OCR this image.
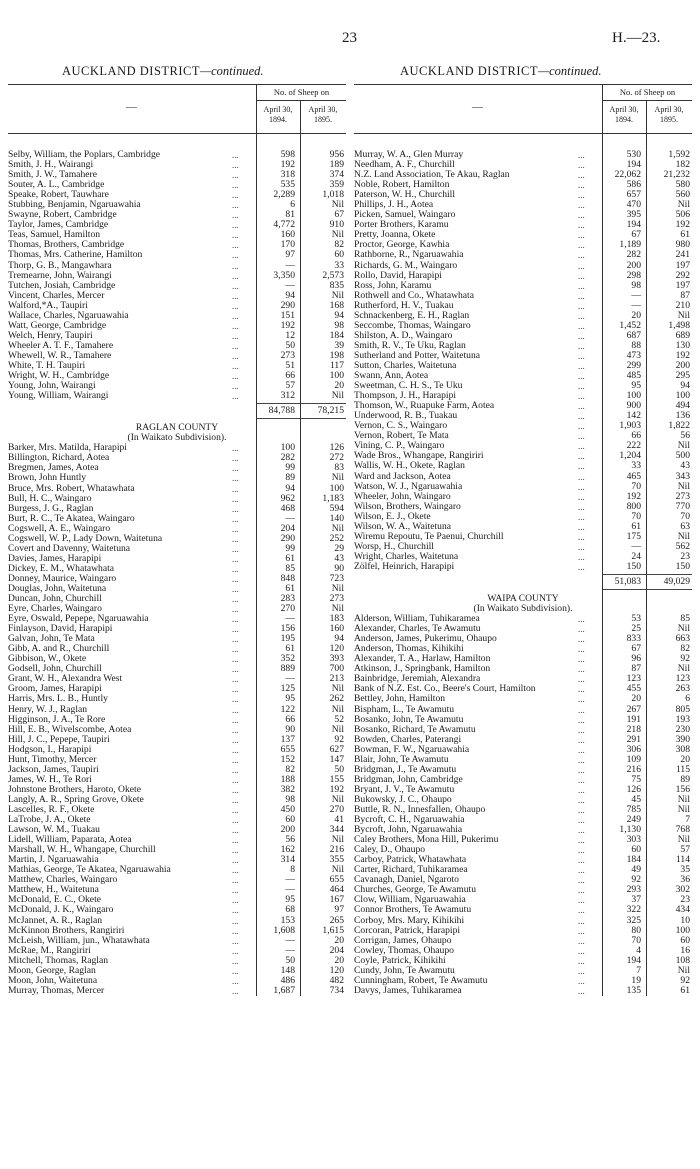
23	H.—23.
AUCKLAND DISTRICT—continued.	AUCKLAND DISTRICT—continued.
—
No. of Sheep on
April 30, 1894.
April 30, 1895.
Selby, William, the Poplars, Cambridge	...	598	956
Smith, J. H., Wairangi	...	192	189
Smith, J. W., Tamahere	...	318	374
Souter, A. L., Cambridge	...	535	359
Speake, Robert, Tauwhare	...	2,289	1,018
Stubbing, Benjamin, Ngaruawahia	...	6	Nil
Swayne, Robert, Cambridge	...	81	67
Taylor, James, Cambridge	...	4,772	910
Teas, Samuel, Hamilton	...	160	Nil
Thomas, Brothers, Cambridge	...	170	82
Thomas, Mrs. Catherine, Hamilton	...	97	60
Thorp, G. B., Mangawhara	...	—	33
Tremearne, John, Wairangi	...	3,350	2,573
Tutchen, Josiah, Cambridge	...	—	835
Vincent, Charles, Mercer	...	94	Nil
Walford,*A., Taupiri	...	290	168
Wallace, Charles, Ngaruawahia	...	151	94
Watt, George, Cambridge	...	192	98
Welch, Henry, Taupiri	...	12	184
Wheeler A. T. F., Tamahere	...	50	39
Whewell, W. R., Tamahere	...	273	198
White, T. H. Taupiri	...	51	117
Wright, W. H., Cambridge	...	66	100
Young, John, Wairangi	...	57	20
Young, William, Wairangi	...	312	Nil
84,788 78,215
RAGLAN COUNTY
(In Waikato Subdivision).
Barker, Mrs. Matilda, Harapipi	...	100	126
Billington, Richard, Aotea	...	282	272
Bregmen, James, Aotea	...	99	83
Brown, John Huntly	...	89	Nil
Bruce, Mrs. Robert, Whatawhata	...	94	100
Bull, H. C., Waingaro	...	962	1,183
Burgess, J. G., Raglan	...	468	594
Burt, R. C., Te Akatea, Waingaro	...	—	140
Cogswell, A. E., Waingaro	...	204	Nil
Cogswell, W. P., Lady Down, Waitetuna	...	290	252
Covert and Davenny, Waitetuna	...	99	29
Davies, James, Harapipi	...	61	43
Dickey, E. M., Whatawhata	...	85	90
Donney, Maurice, Waingaro	...	848	723
Douglas, John, Waitetuna	...	61	Nil
Duncan, John, Churchill	...	283	273
Eyre, Charles, Waingaro	...	270	Nil
Eyre, Oswald, Pepepe, Ngaruawahia	...	—	183
Finlayson, David, Harapipi	...	156	160
Galvan, John, Te Mata	...	195	94
Gibb, A. and R., Churchill	...	61	120
Gibbison, W., Okete	...	352	393
Godsell, John, Churchill	...	889	700
Grant, W. H., Alexandra West	...	—	213
Groom, James, Harapipi	...	125	Nil
Harris, Mrs. L. B., Huntly	...	95	262
Henry, W. J., Raglan	...	122	Nil
Higginson, J. A., Te Rore	...	66	52
Hill, E. B., Wivelscombe, Aotea	...	90	Nil
Hill, J. C., Pepepe, Taupiri	...	137	92
Hodgson, I., Harapipi	...	655	627
Hunt, Timothy, Mercer	...	152	147
Jackson, James, Taupiri	...	82	50
James, W. H., Te Rori	...	188	155
Johnstone Brothers, Haroto, Okete	...	382	192
Langly, A. R., Spring Grove, Okete	...	98	Nil
Lascelles, R. F., Okete	...	450	270
LaTrobe, J. A., Okete	...	60	41
Lawson, W. M., Tuakau	...	200	344
Lidell, William, Paparata, Aotea	...	56	Nil
Marshall, W. H., Whangape, Churchill	...	162	216
Martin, J. Ngaruawahia	...	314	355
Mathias, George, Te Akatea, Ngaruawahia	...	8	Nil
Matthew, Charles, Waingaro	...	—	655
Matthew, H., Waitetuna	...	—	464
McDonald, E. C., Okete	...	95	167
McDonald, J. K., Waingaro	...	68	97
McJannet, A. R., Raglan	...	153	265
McKinnon Brothers, Rangiriri	...	1,608	1,615
McLeish, William, jun., Whatawhata	...	—	20
McRae, M., Rangiriri	...	—	204
Mitchell, Thomas, Raglan	...	50	20
Moon, George, Raglan	...	148	120
Moon, John, Waitetuna	...	486	482
Murray, Thomas, Mercer	...	1,687	734
—
No. of Sheep on
April 30, 1894.
April 30, 1895.
Murray, W. A., Glen Murray	...	530	1,592
Needham, A. F., Churchill	...	194	182
N.Z. Land Association, Te Akau, Raglan	...	22,062 21,232
Noble, Robert, Hamilton	...	586	580
Paterson, W. H., Churchill	...	657	560
Phillips, J. H., Aotea	...	470	Nil
Picken, Samuel, Waingaro	...	395	506
Porter Brothers, Karamu	...	194	192
Pretty, Joanna, Okete	...	67	61
Proctor, George, Kawhia	...	1,189	980
Rathborne, R., Ngaruawahia	...	282	241
Richards, G. M., Waingaro	...	200	197
Rollo, David, Harapipi	...	298	292
Ross, John, Karamu	...	98	197
Rothwell and Co., Whatawhata	...	—	87
Rutherford, H. V., Tuakau	...	—	210
Schnackenberg, E. H., Raglan	...	20	Nil
Seccombe, Thomas, Waingaro	...	1,452	1,498
Shilston, A. D., Waingaro	...	687	689
Smith, R. V., Te Uku, Raglan	...	88	130
Sutherland and Potter, Waitetuna	...	473	192
Sutton, Charles, Waitetuna	...	299	200
Swann, Ann, Aotea	...	485	295
Sweetman, C. H. S., Te Uku	...	95	94
Thompson, J. H., Harapipi	...	100	100
Thomson, W., Ruapuke Farm, Aotea	...	900	494
Underwood, R. B., Tuakau	...	142	136
Vernon, C. S., Waingaro	...	1,903	1,822
Vernon, Robert, Te Mata	...	66	56
Vining, C. P., Waingaro	...	222	Nil
Wade Bros., Whangape, Rangiriri	...	1,204	500
Wallis, W. H., Okete, Raglan	...	33	43
Ward and Jackson, Aotea	...	465	343
Watson, W. J., Ngaruawahia	...	70	Nil
Wheeler, John, Waingaro	...	192	273
Wilson, Brothers, Waingaro	...	800	770
Wilson, E. J., Okete	...	70	70
Wilson, W. A., Waitetuna	...	61	63
Wiremu Repoutu, Te Paenui, Churchill	...	175	Nil
Worsp, H., Churchill	...	—	562
Wright, Charles, Waitetuna	...	24	23
Zölfel, Heinrich, Harapipi	...	150	150
51,083 49,029
WAIPA COUNTY
(In Waikato Subdivision).
Alderson, William, Tuhikaramea	...	53	85
Alexander, Charles, Te Awamutu	...	25	Nil
Anderson, James, Pukerimu, Ohaupo	...	833	663
Anderson, Thomas, Kihikihi	...	67	82
Alexander, T. A., Harlaw, Hamilton	...	96	92
Atkinson, J., Springbank, Hamilton	...	87	Nil
Bainbridge, Jeremiah, Alexandra	...	123	123
Bank of N.Z. Est. Co., Beere's Court, Hamilton	...	455	263
Bettley, John, Hamilton	...	20	6
Bispham, L., Te Awamutu	...	267	805
Bosanko, John, Te Awamutu	...	191	193
Bosanko, Richard, Te Awamutu	...	218	230
Bowden, Charles, Paterangi	...	291	390
Bowman, F. W., Ngaruawahia	...	306	308
Blair, John, Te Awamutu	...	109	20
Bridgman, J., Te Awamutu	...	216	115
Bridgman, John, Cambridge	...	75	89
Bryant, J. V., Te Awamutu	...	126	156
Bukowsky, J. C., Ohaupo	...	45	Nil
Buttle, R. N., Innesfallen, Ohaupo	...	785	Nil
Bycroft, C. H., Ngaruawahia	...	249	7
Bycroft, John, Ngaruawahia	...	1,130	768
Caley Brothers, Mona Hill, Pukerimu	...	303	Nil
Caley, D., Ohaupo	...	60	57
Carboy, Patrick, Whatawhata	...	184	114
Carter, Richard, Tuhikaramea	...	49	35
Cavanagh, Daniel, Ngaroto	...	92	36
Churches, George, Te Awamutu	...	293	302
Clow, William, Ngaruawahia	...	37	23
Connor Brothers, Te Awamutu	...	322	434
Corboy, Mrs. Mary, Kihikihi	...	325	10
Corcoran, Patrick, Harapipi	...	80	100
Corrigan, James, Ohaupo	...	70	60
Cowley, Thomas, Ohaupo	...	4	16
Coyle, Patrick, Kihikihi	...	194	108
Cundy, John, Te Awamutu	...	7	Nil
Cunningham, Robert, Te Awamutu	...	19	92
Davys, James, Tuhikaramea	...	135	61
